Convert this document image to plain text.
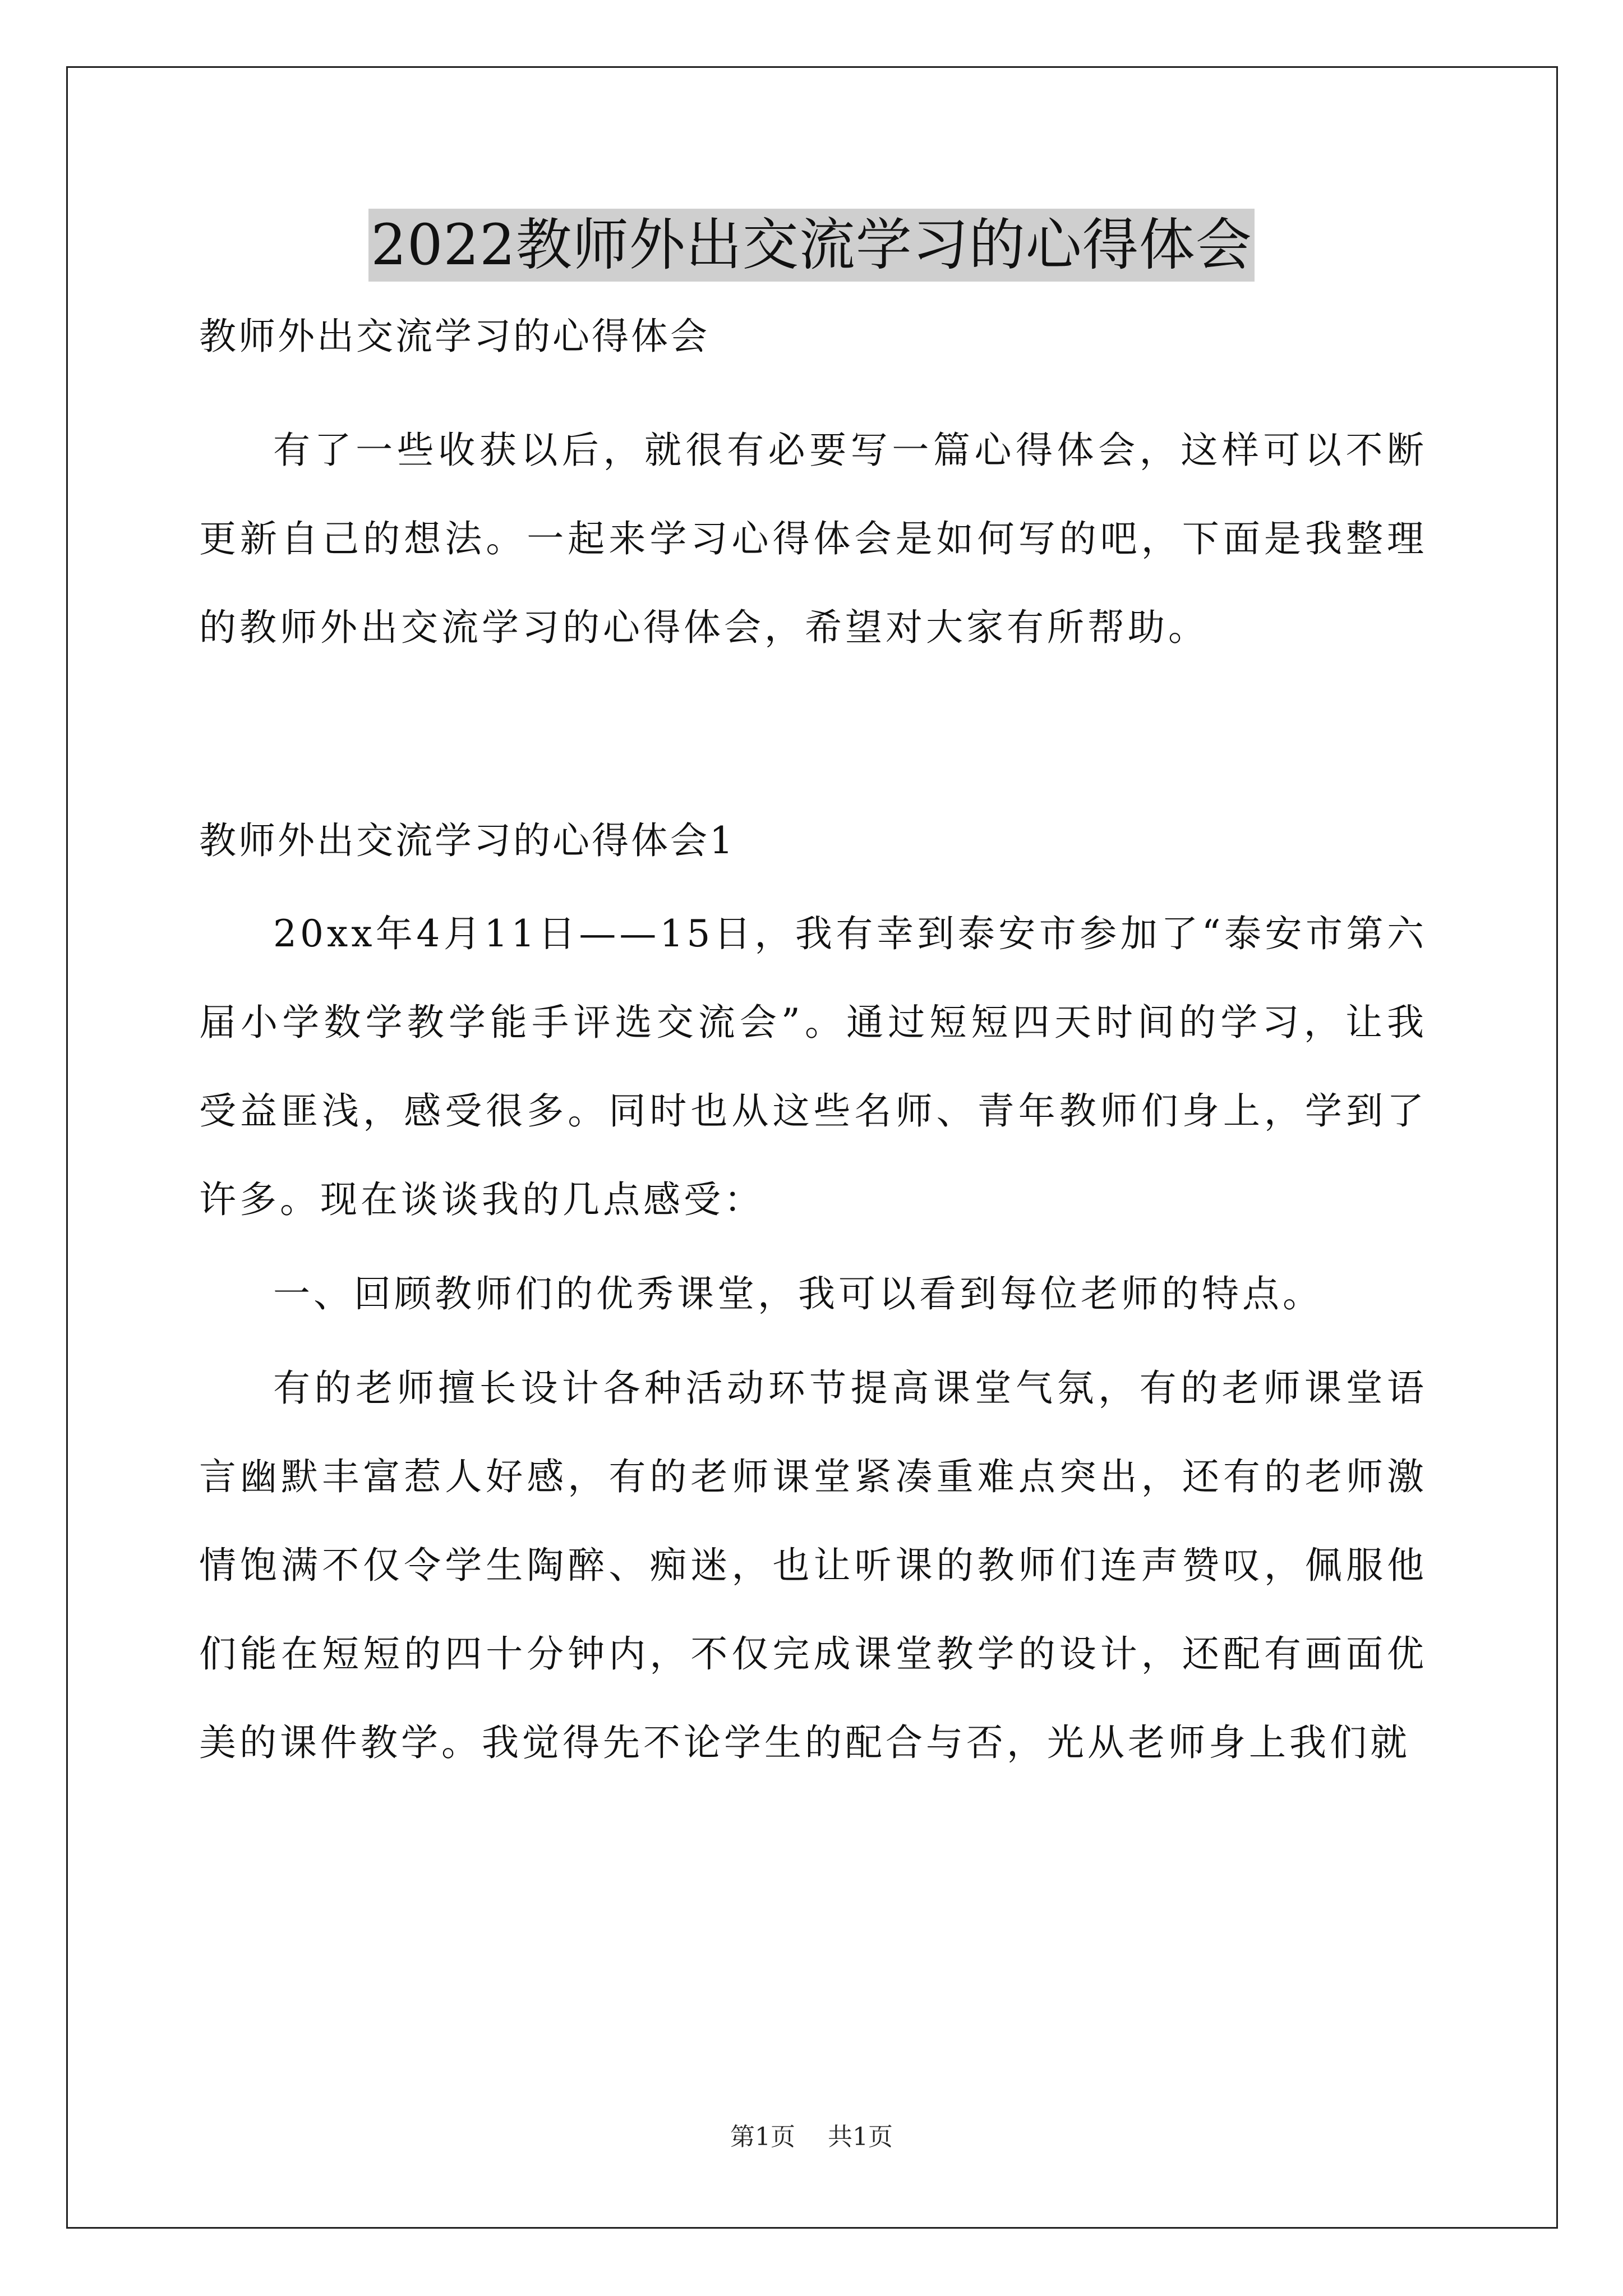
2022教师外出交流学习的心得体会

教师外出交流学习的心得体会

有了一些收获以后，就很有必要写一篇心得体会，这样可以不断更新自己的想法。一起来学习心得体会是如何写的吧，下面是我整理的教师外出交流学习的心得体会，希望对大家有所帮助。

教师外出交流学习的心得体会1

20xx年4月11日——15日，我有幸到泰安市参加了“泰安市第六届小学数学教学能手评选交流会”。通过短短四天时间的学习，让我受益匪浅，感受很多。同时也从这些名师、青年教师们身上，学到了许多。现在谈谈我的几点感受：

一、回顾教师们的优秀课堂，我可以看到每位老师的特点。

有的老师擅长设计各种活动环节提高课堂气氛，有的老师课堂语言幽默丰富惹人好感，有的老师课堂紧凑重难点突出，还有的老师激情饱满不仅令学生陶醉、痴迷，也让听课的教师们连声赞叹，佩服他们能在短短的四十分钟内，不仅完成课堂教学的设计，还配有画面优美的课件教学。我觉得先不论学生的配合与否，光从老师身上我们就

第1页 共1页
